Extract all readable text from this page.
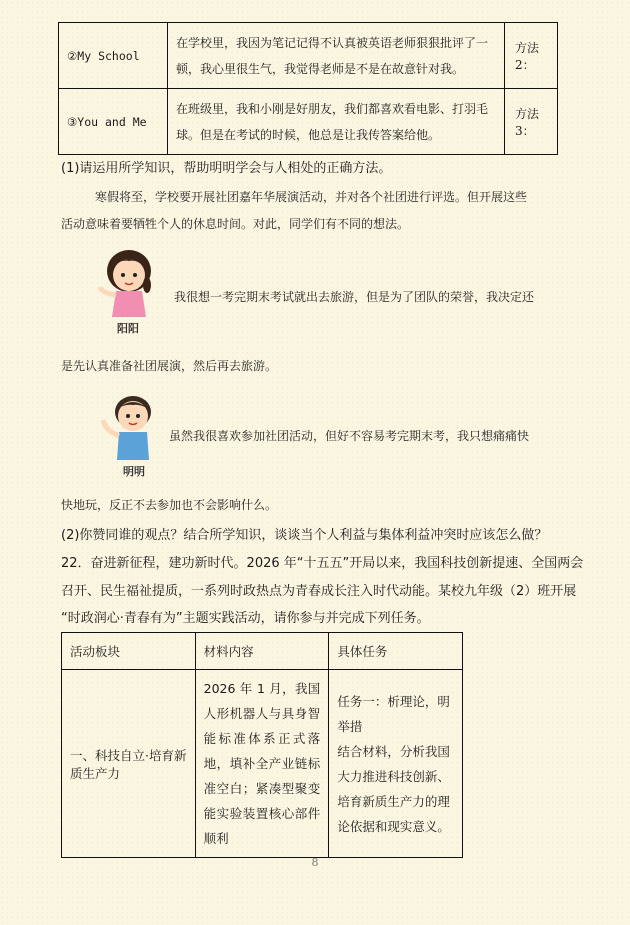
②My School	在学校里，我因为笔记记得不认真被英语老师狠狠批评了一顿，我心里很生气，我觉得老师是不是在故意针对我。	方法 2：
③You and Me	在班级里，我和小刚是好朋友，我们都喜欢看电影、打羽毛球。但是在考试的时候，他总是让我传答案给他。	方法 3：
(1)请运用所学知识，帮助明明学会与人相处的正确方法。
寒假将至，学校要开展社团嘉年华展演活动，并对各个社团进行评选。但开展这些
活动意味着要牺牲个人的休息时间。对此，同学们有不同的想法。
阳阳
我很想一考完期末考试就出去旅游，但是为了团队的荣誉，我决定还
是先认真准备社团展演，然后再去旅游。
明明
虽然我很喜欢参加社团活动，但好不容易考完期末考，我只想痛痛快
快地玩，反正不去参加也不会影响什么。
(2)你赞同谁的观点？结合所学知识，谈谈当个人利益与集体利益冲突时应该怎么做？
22．奋进新征程，建功新时代。2026 年“十五五”开局以来，我国科技创新提速、全国两会
召开、民生福祉提质，一系列时政热点为青春成长注入时代动能。某校九年级（2）班开展
“时政润心·青春有为”主题实践活动，请你参与并完成下列任务。
活动板块	材料内容	具体任务
一、科技自立·培育新质生产力	2026 年 1 月，我国人形机器人与具身智能标准体系正式落地，填补全产业链标准空白；紧凑型聚变能实验装置核心部件顺利	任务一：析理论，明举措
结合材料，分析我国大力推进科技创新、培育新质生产力的理论依据和现实意义。
8
